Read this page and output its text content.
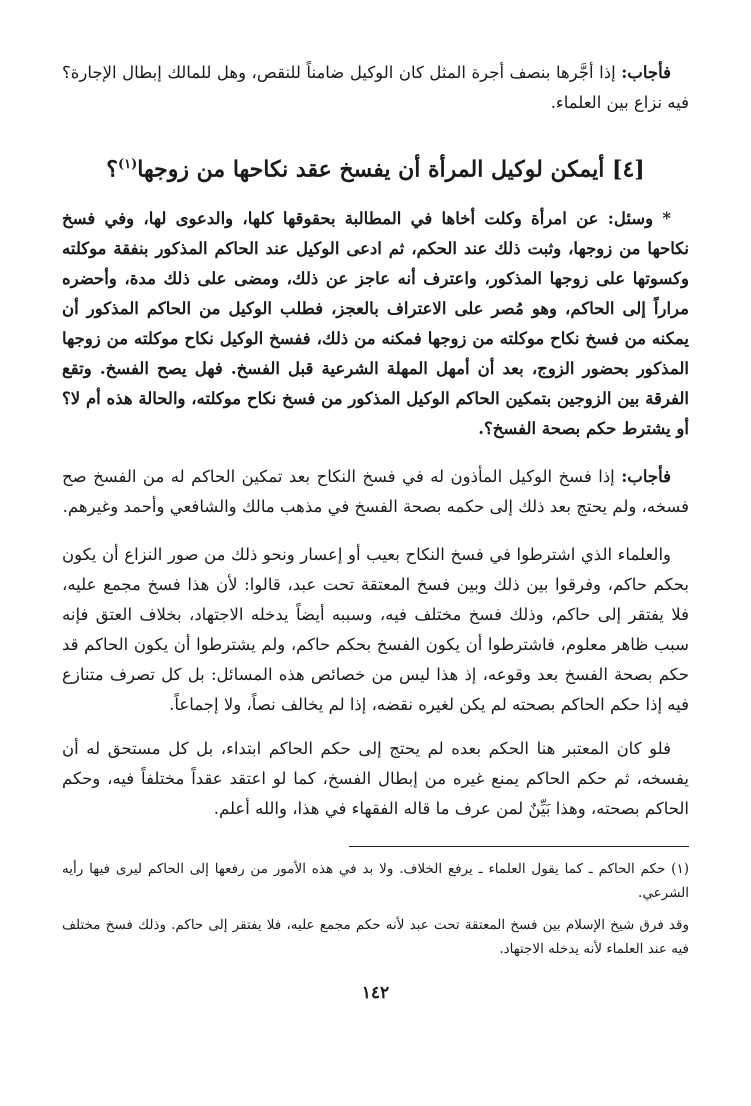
فأجاب: إذا أجَّرها بنصف أجرة المثل كان الوكيل ضامناً للنقص، وهل للمالك إبطال الإجارة؟ فيه نزاع بين العلماء.

[٤] أيمكن لوكيل المرأة أن يفسخ عقد نكاحها من زوجها$^{(١)}$؟

* وسئل: عن امرأة وكلت أخاها في المطالبة بحقوقها كلها، والدعوى لها، وفي فسخ نكاحها من زوجها، وثبت ذلك عند الحكم، ثم ادعى الوكيل عند الحاكم المذكور بنفقة موكلته وكسوتها على زوجها المذكور، واعترف أنه عاجز عن ذلك، ومضى على ذلك مدة، وأحضره مراراً إلى الحاكم، وهو مُصر على الاعتراف بالعجز، فطلب الوكيل من الحاكم المذكور أن يمكنه من فسخ نكاح موكلته من زوجها فمكنه من ذلك، ففسخ الوكيل نكاح موكلته من زوجها المذكور بحضور الزوج، بعد أن أمهل المهلة الشرعية قبل الفسخ. فهل يصح الفسخ. وتقع الفرقة بين الزوجين بتمكين الحاكم الوكيل المذكور من فسخ نكاح موكلته، والحالة هذه أم لا؟ أو يشترط حكم بصحة الفسخ؟.

فأجاب: إذا فسخ الوكيل المأذون له في فسخ النكاح بعد تمكين الحاكم له من الفسخ صح فسخه، ولم يحتج بعد ذلك إلى حكمه بصحة الفسخ في مذهب مالك والشافعي وأحمد وغيرهم.

والعلماء الذي اشترطوا في فسخ النكاح بعيب أو إعسار ونحو ذلك من صور النزاع أن يكون بحكم حاكم، وفرقوا بين ذلك وبين فسخ المعتقة تحت عبد، قالوا: لأن هذا فسخ مجمع عليه، فلا يفتقر إلى حاكم، وذلك فسخ مختلف فيه، وسببه أيضاً يدخله الاجتهاد، بخلاف العتق فإنه سبب ظاهر معلوم، فاشترطوا أن يكون الفسخ بحكم حاكم، ولم يشترطوا أن يكون الحاكم قد حكم بصحة الفسخ بعد وقوعه، إذ هذا ليس من خصائص هذه المسائل: بل كل تصرف متنازع فيه إذا حكم الحاكم بصحته لم يكن لغيره نقضه، إذا لم يخالف نصاً، ولا إجماعاً.

فلو كان المعتبر هنا الحكم بعده لم يحتج إلى حكم الحاكم ابتداء، بل كل مستحق له أن يفسخه، ثم حكم الحاكم يمنع غيره من إبطال الفسخ، كما لو اعتقد عقداً مختلفاً فيه، وحكم الحاكم بصحته، وهذا بَيِّنٌ لمن عرف ما قاله الفقهاء في هذا، والله أعلم.

(١) حكم الحاكم ـ كما يقول العلماء ـ يرفع الخلاف. ولا بد في هذه الأمور من رفعها إلى الحاكم ليرى فيها رأيه الشرعي.

وقد فرق شيخ الإسلام بين فسخ المعتقة تحت عبد لأنه حكم مجمع عليه، فلا يفتقر إلى حاكم. وذلك فسخ مختلف فيه عند العلماء لأنه يدخله الاجتهاد.

١٤٢
